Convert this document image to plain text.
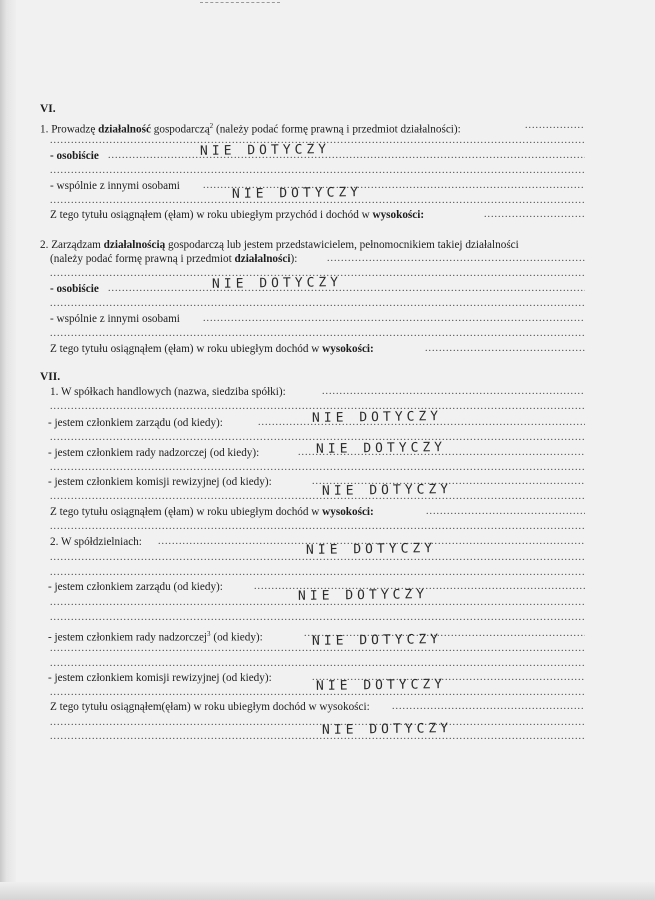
VI.
1. Prowadzę działalność gospodarczą$^2$ (należy podać formę prawną i przedmiot działalności):
.....
.....
- osobiście .....	NIE DOTYCZY
.....
- wspólnie z innymi osobami .....	NIE DOTYCZY
.....
Z tego tytułu osiągnąłem (ęłam) w roku ubiegłym przychód i dochód w wysokości:
.....
2. Zarządzam działalnością gospodarczą lub jestem przedstawicielem, pełnomocnikiem takiej działalności
(należy podać formę prawną i przedmiot działalności):
.....
.....
- osobiście .....	NIE DOTYCZY
.....
- wspólnie z innymi osobami
.....
.....
Z tego tytułu osiągnąłem (ęłam) w roku ubiegłym dochód w wysokości:
.....
VII.
1. W spółkach handlowych (nazwa, siedziba spółki):
.....
.....
- jestem członkiem zarządu (od kiedy): .....	NIE DOTYCZY
.....
- jestem członkiem rady nadzorczej (od kiedy): .....	NIE DOTYCZY
.....
- jestem członkiem komisji rewizyjnej (od kiedy):
.....
NIE DOTYCZY
.....
Z tego tytułu osiągnąłem (ęłam) w roku ubiegłym dochód w wysokości:
.....
.....
2. W spółdzielniach: .....	NIE DOTYCZY
.....
.....
- jestem członkiem zarządu (od kiedy):
.....
NIE DOTYCZY
.....
.....
- jestem członkiem rady nadzorczej$^3$ (od kiedy): .....	NIE DOTYCZY
.....
.....
- jestem członkiem komisji rewizyjnej (od kiedy): .....	NIE DOTYCZY
.....
Z tego tytułu osiągnąłem(ęłam) w roku ubiegłym dochód w wysokości:
.....
.....
.....
NIE DOTYCZY
